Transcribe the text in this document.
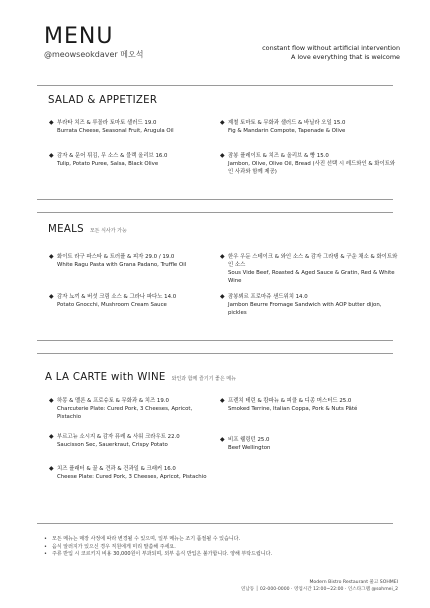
MENU

@meowseokdaver 메오석

constant flow without artificial intervention
A love everything that is welcome
SALAD & APPETIZER
◆ 부라타 치즈 & 루꼴라 토마토 샐러드 19.0
Burrata Cheese, Seasonal Fruit, Arugula Oil
◆ 제철 토마토 & 무화과 샐러드 & 바닐라 오일 15.0
Fig & Mandarin Compote, Tapenade & Olive
◆ 감자 & 문어 튀김, 무 소스 & 블랙 올리브 16.0
Tulip, Potato Puree, Salsa, Black Olive
◆ 잠봉 플레이트 & 치즈 & 올리브 & 빵 15.0
Jambon, Olive, Olive Oil, Bread (사진 선택 시 레드와인 & 화이트와인 사과와 함께 제공)
MEALS 모든 식사가 가능
◆ 화이트 라구 파스타 & 트러플 & 피자 29.0 / 19.0
White Ragu Pasta with Grana Padano, Truffle Oil
◆ 한우 우둔 스테이크 & 와인 소스 & 감자 그라탱 & 구운 채소 & 화이트와인 소스
Sous Vide Beef, Roasted & Aged Sauce & Gratin, Red & White Wine
◆ 감자 뇨끼 & 버섯 크림 소스 & 그라나 파다노 14.0
Potato Gnocchi, Mushroom Cream Sauce
◆ 잠봉뵈르 프로마쥬 샌드위치 14.0
Jambon Beurre Fromage Sandwich with AOP butter dijon, pickles
A LA CARTE with WINE 와인과 함께 즐기기 좋은 메뉴
◆ 하몽 & 멜론 & 프로슈토 & 무화과 & 치즈 19.0
Charcuterie Plate: Cured Pork, 3 Cheeses, Apricot, Pistachio
◆ 프렌치 테린 & 캄파뉴 & 피클 & 디종 머스터드 25.0
Smoked Terrine, Italian Coppa, Pork & Nuts Pâté
◆ 부르고뉴 소시지 & 감자 퓨레 & 사워 크라우트 22.0
Saucisson Sec, Sauerkraut, Crispy Potato
◆ 비프 웰링턴 25.0
Beef Wellington
◆ 치즈 플래터 & 꿀 & 견과 & 건과일 & 크래커 16.0
Cheese Plate: Cured Pork, 3 Cheeses, Apricot, Pistachio
• 모든 메뉴는 매장 사정에 따라 변경될 수 있으며, 일부 메뉴는 조기 품절될 수 있습니다.
• 음식 알러지가 있으신 경우 직원에게 미리 말씀해 주세요.
• 주류 반입 시 코르키지 비용 30,000원이 부과되며, 외부 음식 반입은 불가합니다. 양해 부탁드립니다.
Modern Bistro Restaurant 물고 SOHMEI
연남동 │ 02-000-0000 · 영업시간 12:00~22:00 · 인스타그램 @sohmei_2
